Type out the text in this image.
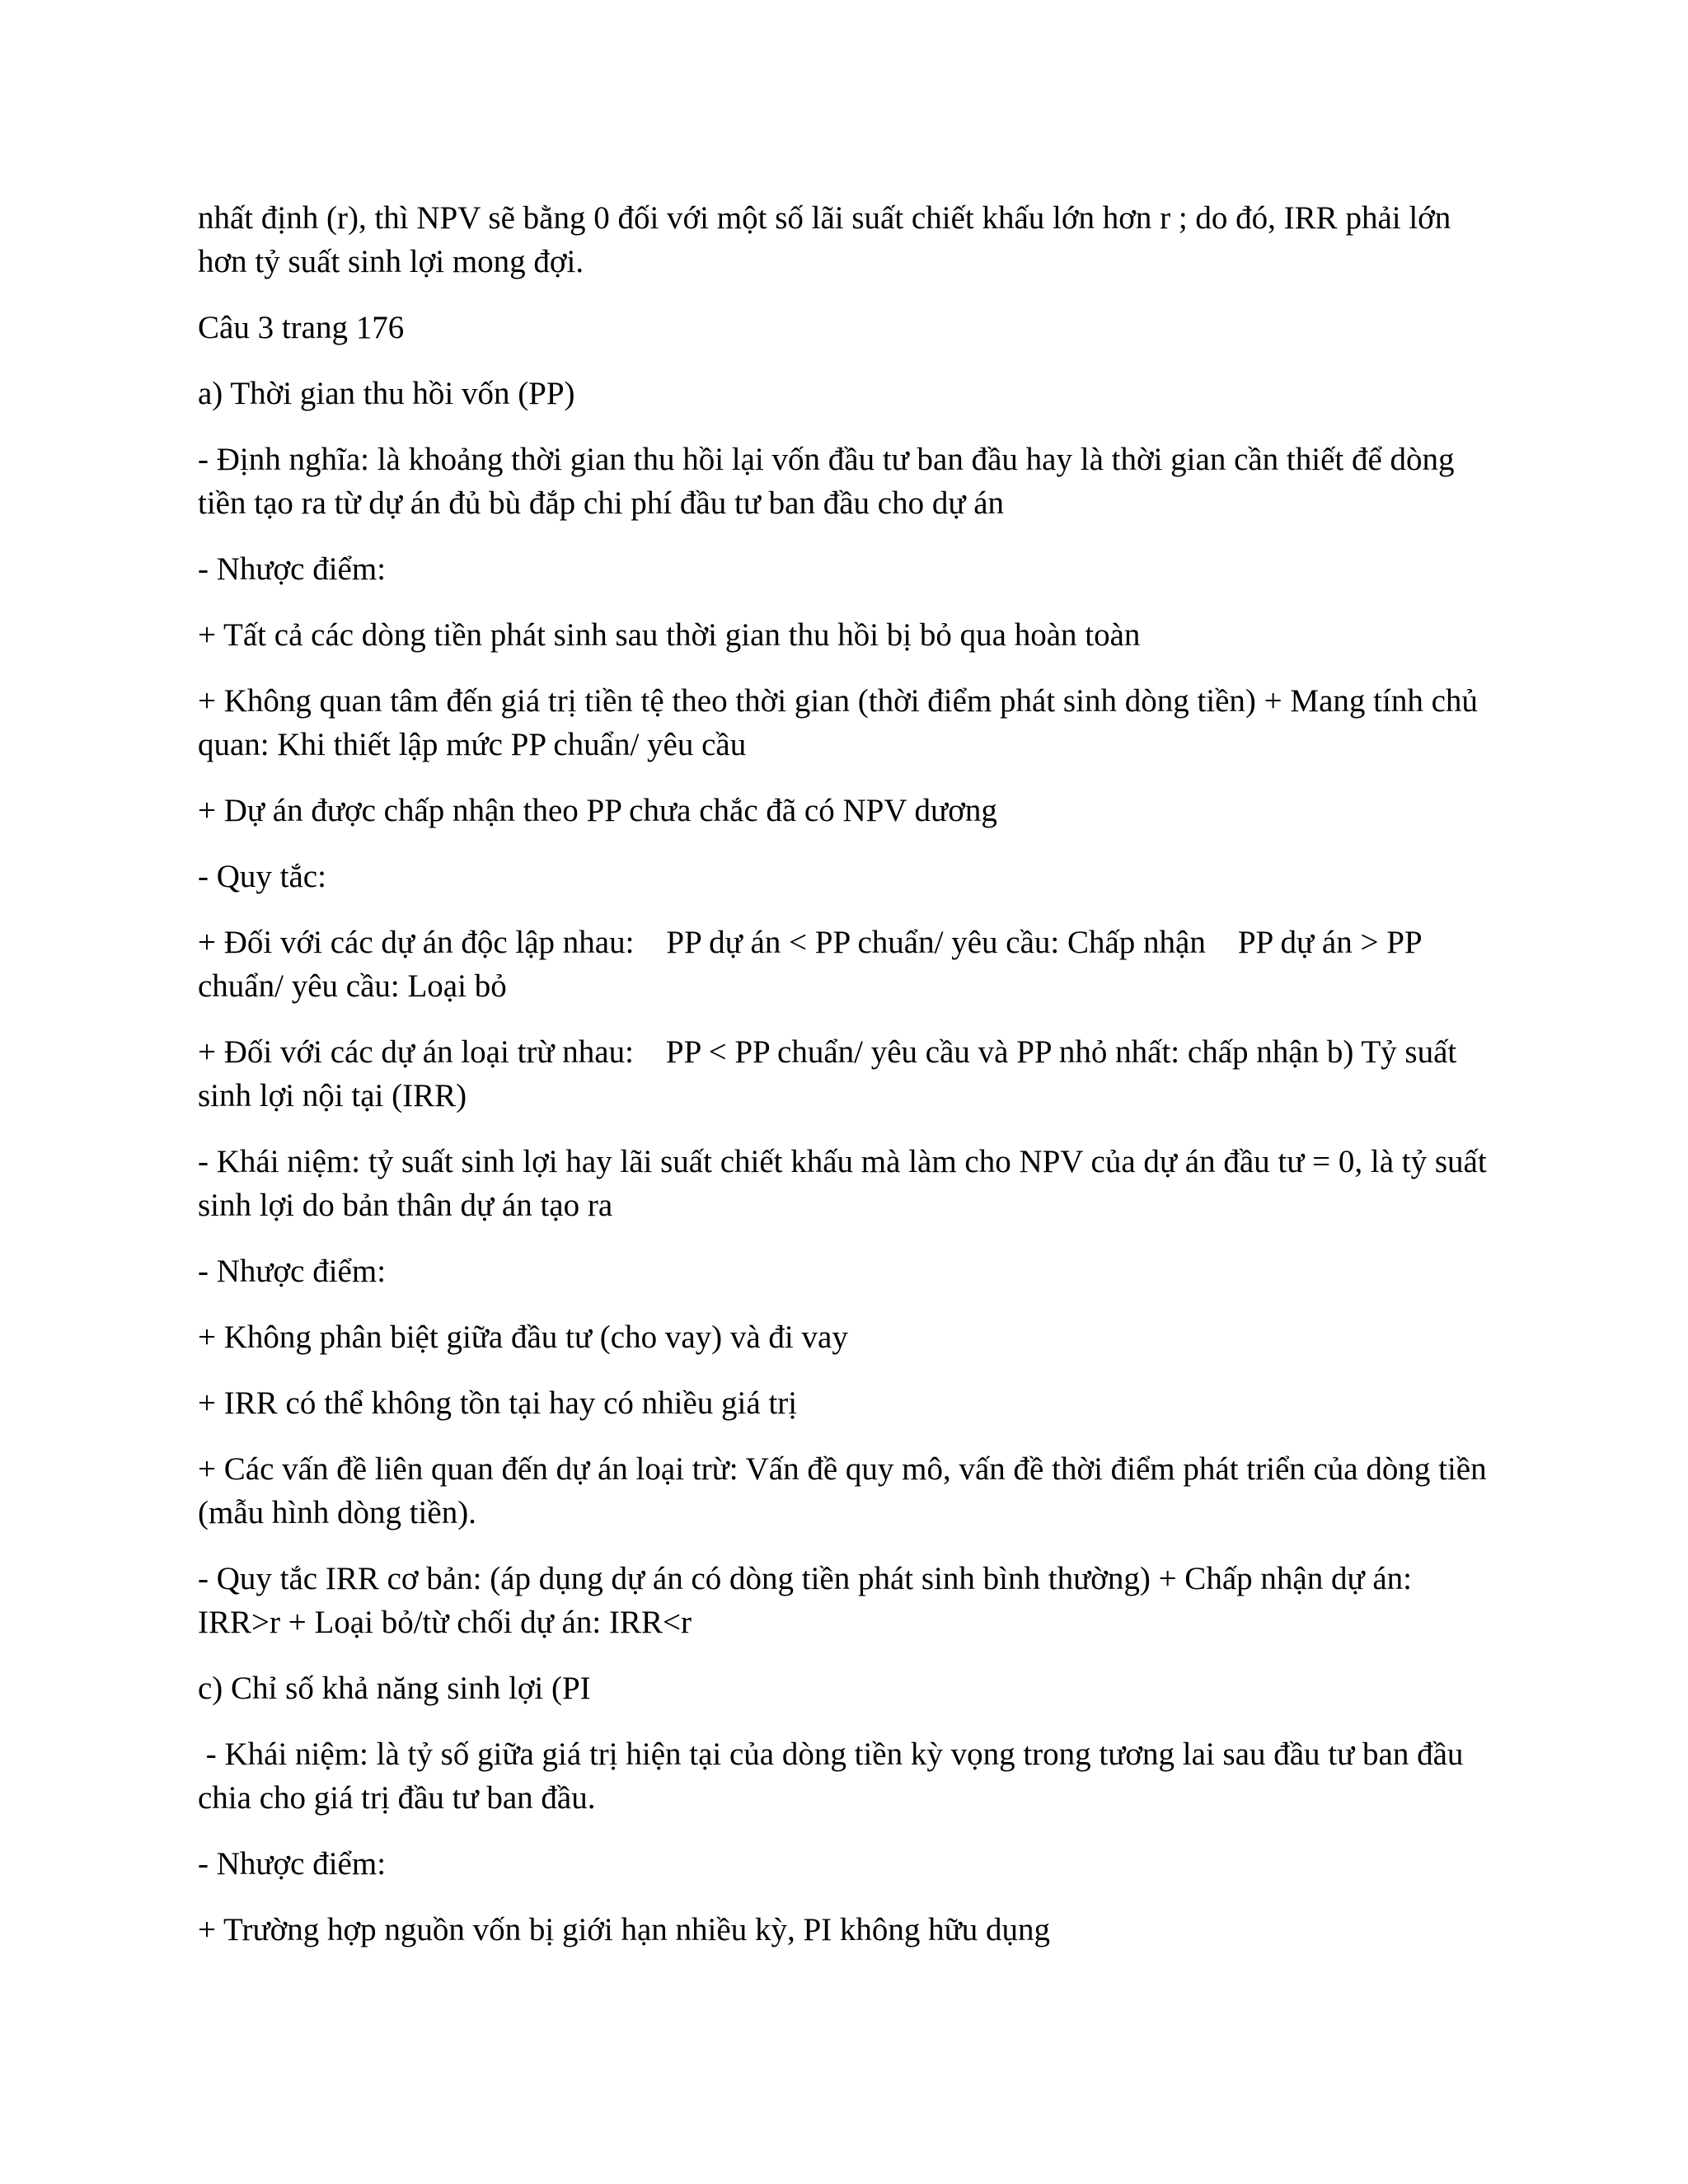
nhất định (r), thì NPV sẽ bằng 0 đối với một số lãi suất chiết khấu lớn hơn r ; do đó, IRR phải lớn hơn tỷ suất sinh lợi mong đợi.

Câu 3 trang 176

a) Thời gian thu hồi vốn (PP)

- Định nghĩa: là khoảng thời gian thu hồi lại vốn đầu tư ban đầu hay là thời gian cần thiết để dòng tiền tạo ra từ dự án đủ bù đắp chi phí đầu tư ban đầu cho dự án

- Nhược điểm:

+ Tất cả các dòng tiền phát sinh sau thời gian thu hồi bị bỏ qua hoàn toàn

+ Không quan tâm đến giá trị tiền tệ theo thời gian (thời điểm phát sinh dòng tiền) + Mang tính chủ quan: Khi thiết lập mức PP chuẩn/ yêu cầu

+ Dự án được chấp nhận theo PP chưa chắc đã có NPV dương

- Quy tắc:

+ Đối với các dự án độc lập nhau:    PP dự án < PP chuẩn/ yêu cầu: Chấp nhận    PP dự án > PP chuẩn/ yêu cầu: Loại bỏ

+ Đối với các dự án loại trừ nhau:    PP < PP chuẩn/ yêu cầu và PP nhỏ nhất: chấp nhận b) Tỷ suất sinh lợi nội tại (IRR)

- Khái niệm: tỷ suất sinh lợi hay lãi suất chiết khấu mà làm cho NPV của dự án đầu tư = 0, là tỷ suất sinh lợi do bản thân dự án tạo ra

- Nhược điểm:

+ Không phân biệt giữa đầu tư (cho vay) và đi vay

+ IRR có thể không tồn tại hay có nhiều giá trị

+ Các vấn đề liên quan đến dự án loại trừ: Vấn đề quy mô, vấn đề thời điểm phát triển của dòng tiền (mẫu hình dòng tiền).

- Quy tắc IRR cơ bản: (áp dụng dự án có dòng tiền phát sinh bình thường) + Chấp nhận dự án: IRR>r + Loại bỏ/từ chối dự án: IRR<r

c) Chỉ số khả năng sinh lợi (PI

- Khái niệm: là tỷ số giữa giá trị hiện tại của dòng tiền kỳ vọng trong tương lai sau đầu tư ban đầu chia cho giá trị đầu tư ban đầu.

- Nhược điểm:

+ Trường hợp nguồn vốn bị giới hạn nhiều kỳ, PI không hữu dụng
